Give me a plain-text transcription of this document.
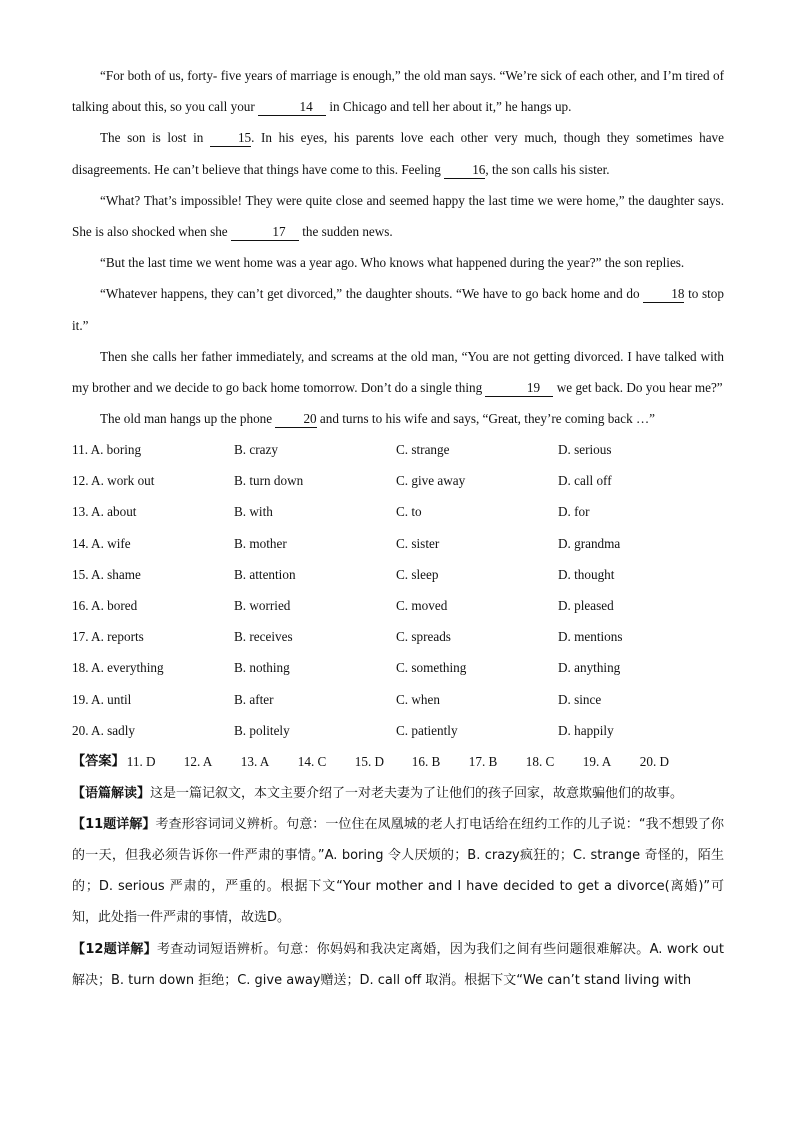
“For both of us, forty- five years of marriage is enough,” the old man says. “We’re sick of each other, and I’m tired of talking about this, so you call your	14 in Chicago and tell her about it,” he hangs up.

The son is lost in 15. In his eyes, his parents love each other very much, though they sometimes have disagreements. He can’t believe that things have come to this. Feeling 16, the son calls his sister.

“What? That’s impossible! They were quite close and seemed happy the last time we were home,” the daughter says. She is also shocked when she	17 the sudden news.

“But the last time we went home was a year ago. Who knows what happened during the year?” the son replies.

“Whatever happens, they can’t get divorced,” the daughter shouts. “We have to go back home and do 18 to stop it.”

Then she calls her father immediately, and screams at the old man, “You are not getting divorced. I have talked with my brother and we decide to go back home tomorrow. Don’t do a single thing	19 we get back. Do you hear me?”

The old man hangs up the phone 20 and turns to his wife and says, “Great, they’re coming back …”

11. A. boring	B. crazy	C. strange	D. serious
12. A. work out	B. turn down	C. give away	D. call off
13. A. about	B. with	C. to	D. for
14. A. wife	B. mother	C. sister	D. grandma
15. A. shame	B. attention	C. sleep	D. thought
16. A. bored	B. worried	C. moved	D. pleased
17. A. reports	B. receives	C. spreads	D. mentions
18. A. everything	B. nothing	C. something	D. anything
19. A. until	B. after	C. when	D. since
20. A. sadly	B. politely	C. patiently	D. happily
【答案】 11. D	12. A	13. A	14. C	15. D	16. B	17. B	18. C	19. A	20. D

【语篇解读】这是一篇记叙文，本文主要介绍了一对老夫妻为了让他们的孩子回家，故意欺骗他们的故事。

【11题详解】考查形容词词义辨析。句意：一位住在凤凰城的老人打电话给在纽约工作的儿子说：“我不想毁了你的一天，但我必须告诉你一件严肃的事情。”A. boring 令人厌烦的；B. crazy疯狂的；C. strange 奇怪的，陌生的；D. serious 严肃的，严重的。根据下文“Your mother and I have decided to get a divorce(离婚)”可知，此处指一件严肃的事情，故选D。

【12题详解】考查动词短语辨析。句意：你妈妈和我决定离婚，因为我们之间有些问题很难解决。A. work out 解决；B. turn down 拒绝；C. give away赠送；D. call off 取消。根据下文“We can’t stand living with
